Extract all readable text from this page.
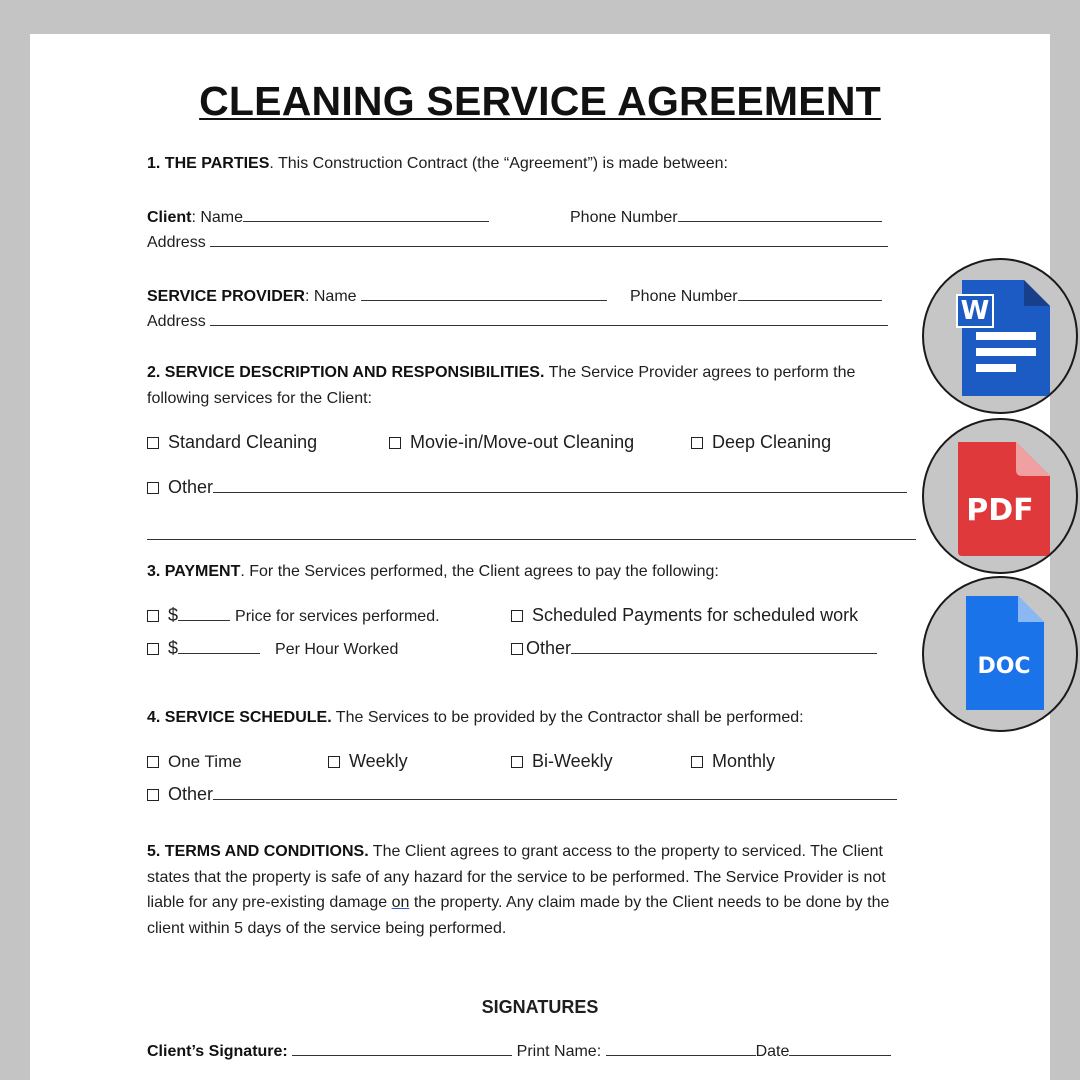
CLEANING SERVICE AGREEMENT
1. THE PARTIES. This Construction Contract (the “Agreement”) is made between:
Client: Name	Phone Number
Address
SERVICE PROVIDER: Name	Phone Number
Address
2. SERVICE DESCRIPTION AND RESPONSIBILITIES. The Service Provider agrees to perform the following services for the Client:
Standard Cleaning	Movie-in/Move-out Cleaning	Deep Cleaning
Other
3. PAYMENT. For the Services performed, the Client agrees to pay the following:
$	Price for services performed.	Scheduled Payments for scheduled work
$	Per Hour Worked	Other
4. SERVICE SCHEDULE. The Services to be provided by the Contractor shall be performed:
One Time	Weekly	Bi-Weekly	Monthly
Other
5. TERMS AND CONDITIONS. The Client agrees to grant access to the property to serviced. The Client states that the property is safe of any hazard for the service to be performed. The Service Provider is not liable for any pre-existing damage on the property. Any claim made by the Client needs to be done by the client within 5 days of the service being performed.
SIGNATURES
Client’s Signature:	Print Name:	Date
W
PDF
DOC
